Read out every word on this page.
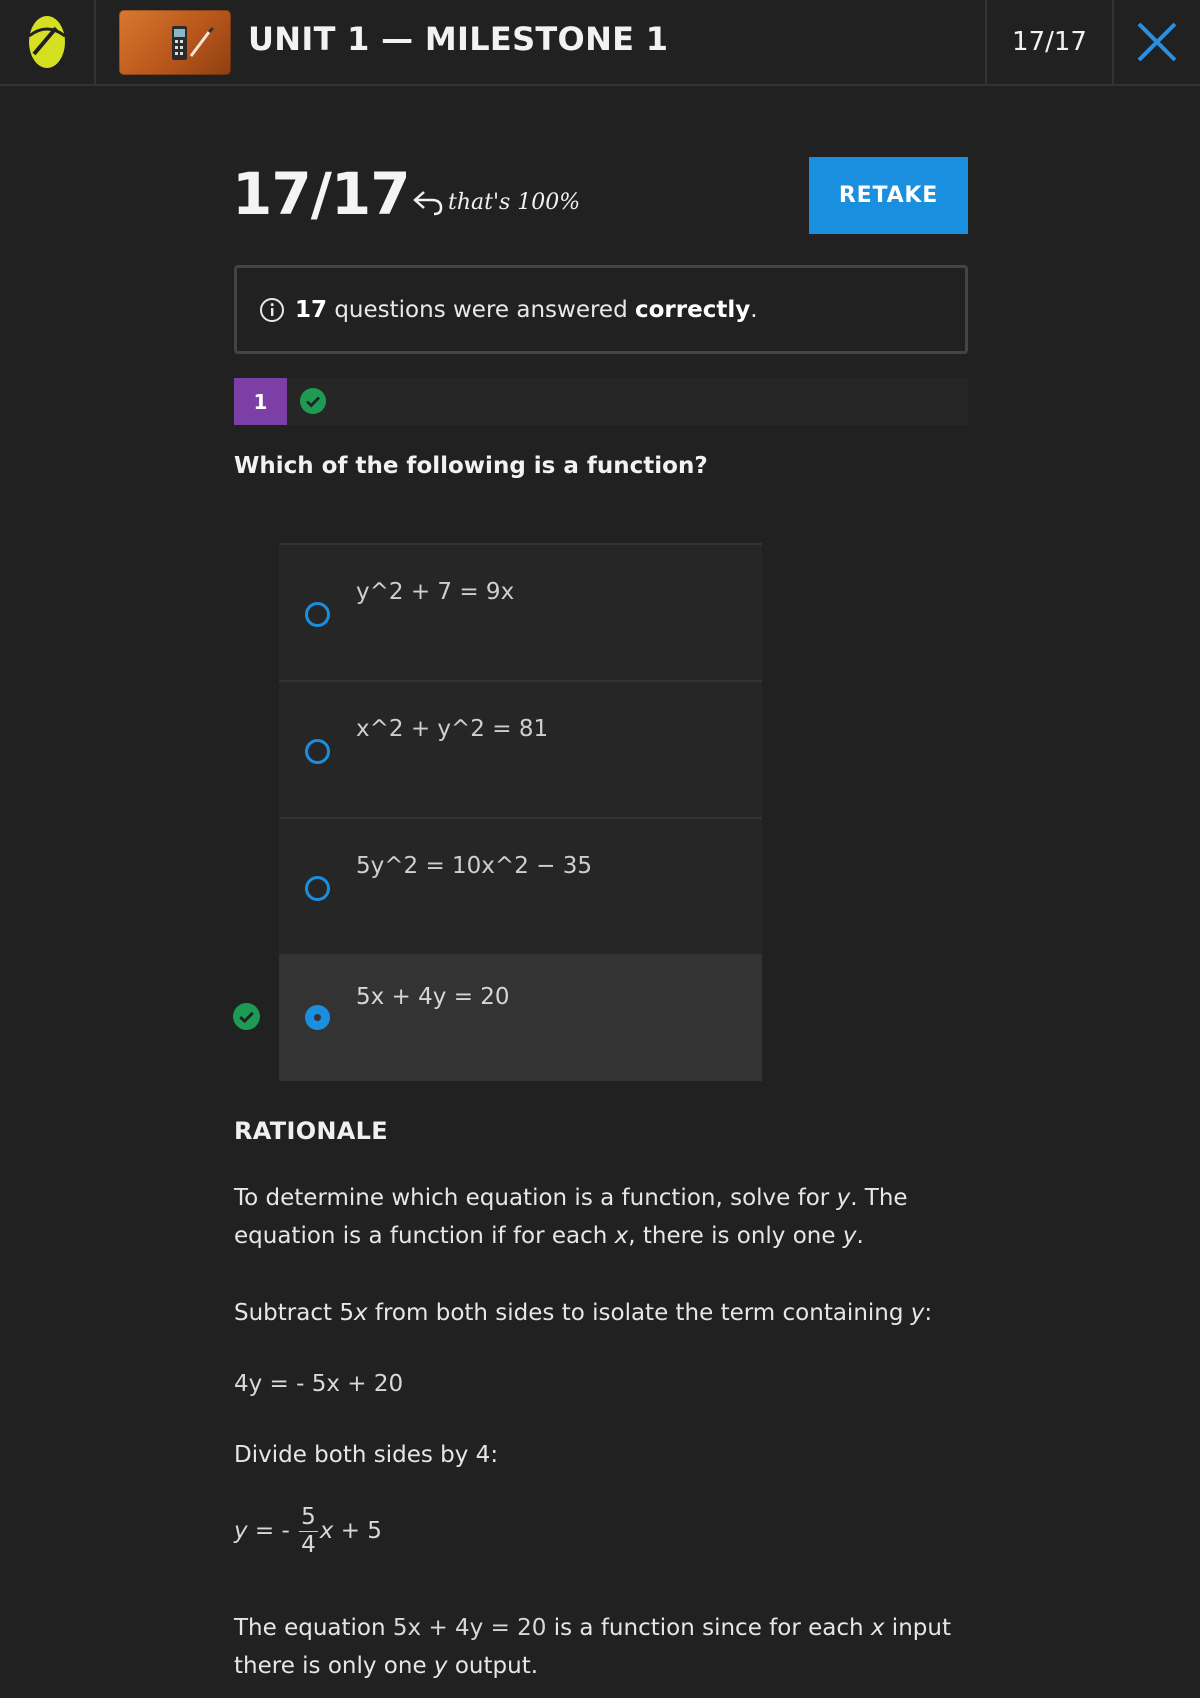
UNIT 1 — MILESTONE 1	17/17
17/17 that's 100%	RETAKE
17 questions were answered correctly.
1
Which of the following is a function?
y^2 + 7 = 9x
x^2 + y^2 = 81
5y^2 = 10x^2 − 35
5x + 4y = 20
RATIONALE
To determine which equation is a function, solve for y. The equation is a function if for each x, there is only one y.
Subtract 5x from both sides to isolate the term containing y:
4y = - 5x + 20
Divide both sides by 4:
y = - $\frac{5}{4}$ x + 5
The equation 5x + 4y = 20 is a function since for each x input there is only one y output.
